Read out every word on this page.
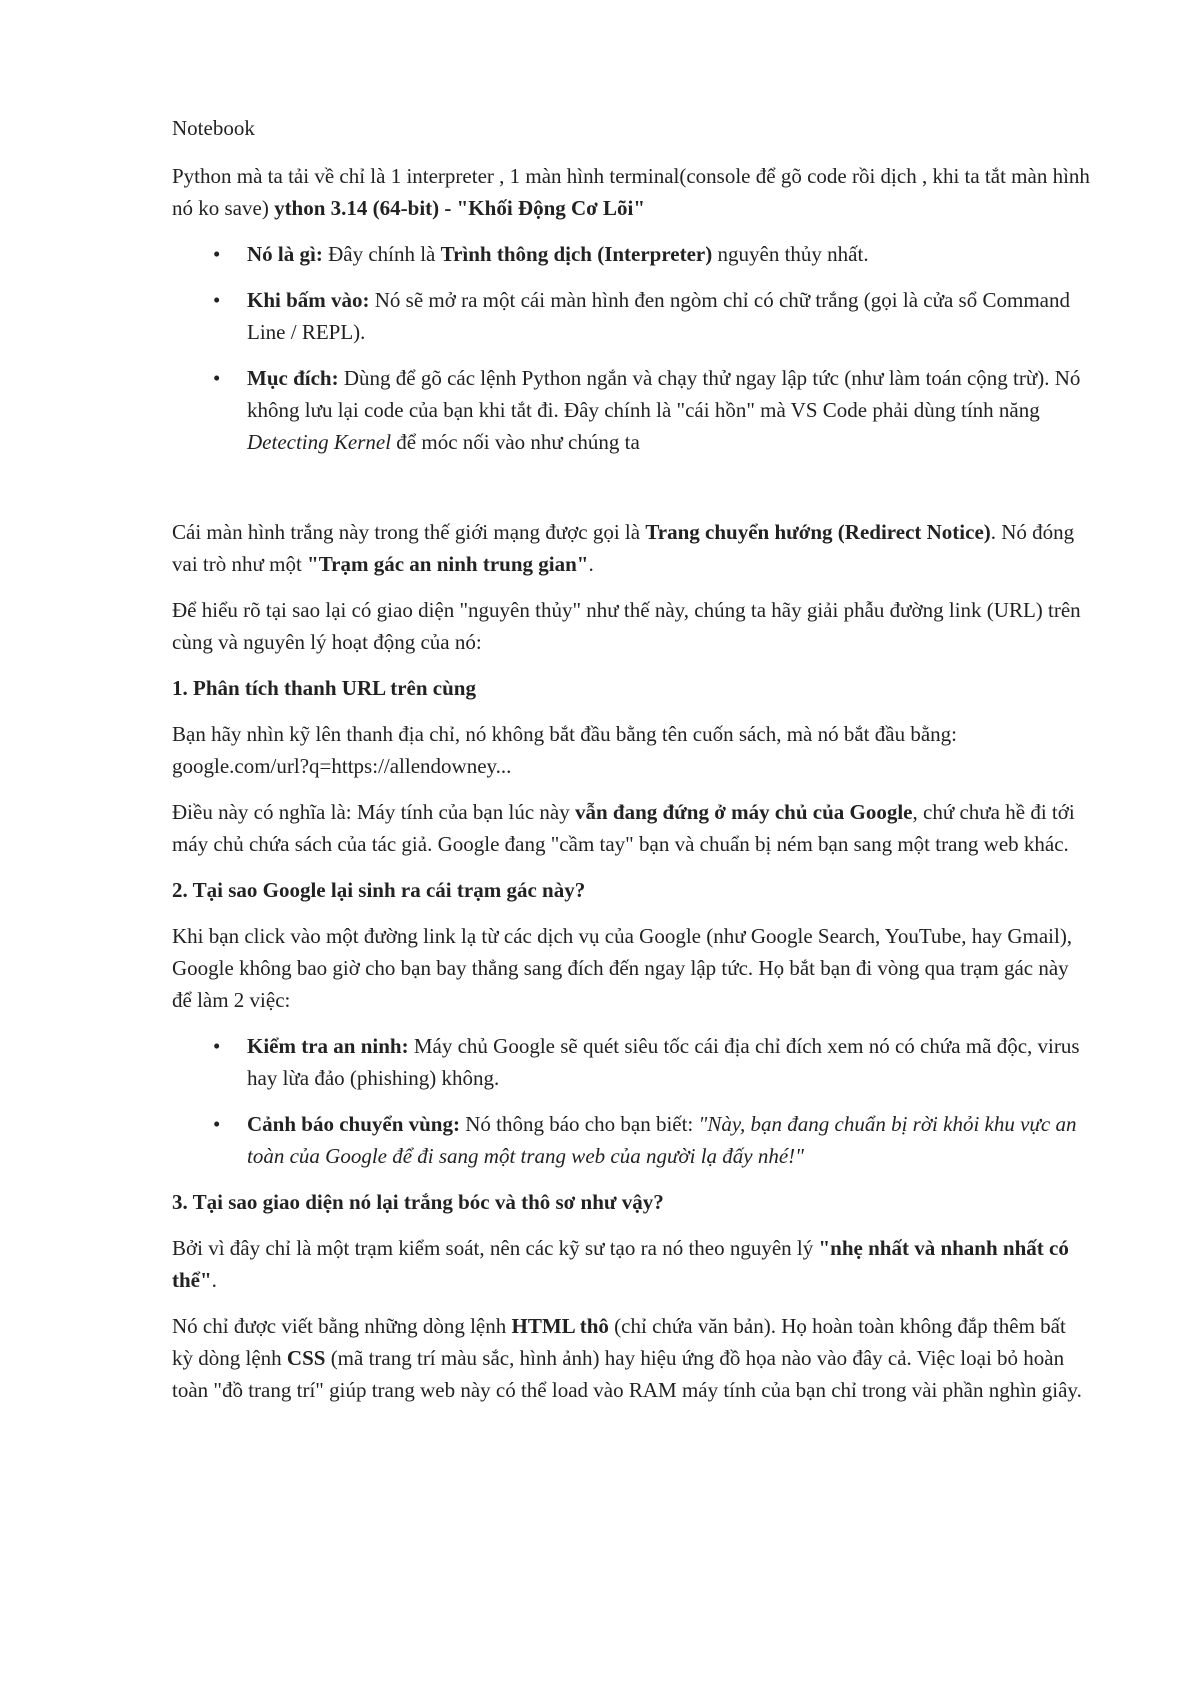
Notebook

Python mà ta tải về chỉ là 1 interpreter , 1 màn hình terminal(console để gõ code rồi dịch , khi ta tắt màn hình nó ko save) ython 3.14 (64-bit) - "Khối Động Cơ Lõi"

• Nó là gì: Đây chính là Trình thông dịch (Interpreter) nguyên thủy nhất.
• Khi bấm vào: Nó sẽ mở ra một cái màn hình đen ngòm chỉ có chữ trắng (gọi là cửa sổ Command Line / REPL).
• Mục đích: Dùng để gõ các lệnh Python ngắn và chạy thử ngay lập tức (như làm toán cộng trừ). Nó không lưu lại code của bạn khi tắt đi. Đây chính là "cái hồn" mà VS Code phải dùng tính năng Detecting Kernel để móc nối vào như chúng ta

Cái màn hình trắng này trong thế giới mạng được gọi là Trang chuyển hướng (Redirect Notice). Nó đóng vai trò như một "Trạm gác an ninh trung gian".

Để hiểu rõ tại sao lại có giao diện "nguyên thủy" như thế này, chúng ta hãy giải phẫu đường link (URL) trên cùng và nguyên lý hoạt động của nó:

1. Phân tích thanh URL trên cùng

Bạn hãy nhìn kỹ lên thanh địa chỉ, nó không bắt đầu bằng tên cuốn sách, mà nó bắt đầu bằng: google.com/url?q=https://allendowney...

Điều này có nghĩa là: Máy tính của bạn lúc này vẫn đang đứng ở máy chủ của Google, chứ chưa hề đi tới máy chủ chứa sách của tác giả. Google đang "cầm tay" bạn và chuẩn bị ném bạn sang một trang web khác.

2. Tại sao Google lại sinh ra cái trạm gác này?

Khi bạn click vào một đường link lạ từ các dịch vụ của Google (như Google Search, YouTube, hay Gmail), Google không bao giờ cho bạn bay thẳng sang đích đến ngay lập tức. Họ bắt bạn đi vòng qua trạm gác này để làm 2 việc:

• Kiểm tra an ninh: Máy chủ Google sẽ quét siêu tốc cái địa chỉ đích xem nó có chứa mã độc, virus hay lừa đảo (phishing) không.
• Cảnh báo chuyển vùng: Nó thông báo cho bạn biết: "Này, bạn đang chuẩn bị rời khỏi khu vực an toàn của Google để đi sang một trang web của người lạ đấy nhé!"

3. Tại sao giao diện nó lại trắng bóc và thô sơ như vậy?

Bởi vì đây chỉ là một trạm kiểm soát, nên các kỹ sư tạo ra nó theo nguyên lý "nhẹ nhất và nhanh nhất có thể".

Nó chỉ được viết bằng những dòng lệnh HTML thô (chỉ chứa văn bản). Họ hoàn toàn không đắp thêm bất kỳ dòng lệnh CSS (mã trang trí màu sắc, hình ảnh) hay hiệu ứng đồ họa nào vào đây cả. Việc loại bỏ hoàn toàn "đồ trang trí" giúp trang web này có thể load vào RAM máy tính của bạn chỉ trong vài phần nghìn giây.
